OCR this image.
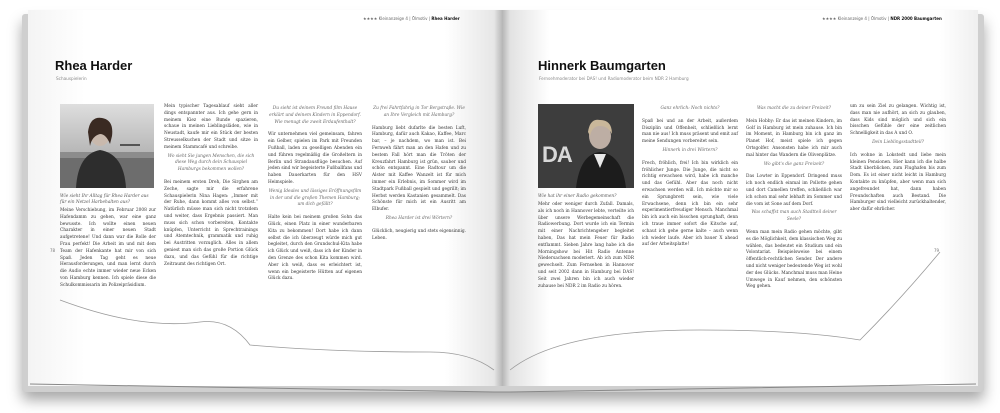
★★★★ Kleinanzeige 4 | Ölmotiv | Rhea Harder
Rhea Harder
Schauspielerin
Wie sieht Ihr Alltag für Rhea Harder aus für ein Netzel Harbehalten aus?
78
Meine Verschiebung, im Februar 2008 zur Hafendamm zu gehen, war eine ganz bewusste. Ich wollte einen neuen Charakter in einer neuen Stadt aufgetretene! Und dann war die Rolle der Frau perfekt! Die Arbeit im und mit dem Team der Hafenkante hat mir von sich Spaß. Jeden Tag geht es neue Herausforderungen, und man lernt durch die Audio echte immer wieder neue Ecken von Hamburg kennen. Ich spiele diese die Schulkommissarin im Polizeipräsidium.
Mein typischer Tagesablauf sieht aller dings entspannter aus. Ich gehe gern in meinem Kiez eine Runde spazieren, schaue in meinen Lieblingsläden, wie in Neustadt, kaufe mir ein Stück der besten Streusselkuchen der Stadt und sitze in meinem Stammcafé und schreibe.
Wo sieht Sie jungen Menschen, die sich diese Weg durch dein Schauspiel Hamburgs bekommen wollen?
Bei meinem ersten Dreh, Die Sirghen am Zeche, sagte mir die erfahrene Schauspielerin Nina Hagen: „Immer mit der Ruhe, dann kommt alles von selbst.“ Natürlich müsse man sich nicht trotzdem und weiter, dass Ergebnis passiert. Man muss sich schon vorbereiten, Kontakte knüpfen, Unterricht in Sprechtrainings und Atemtechnik, grammatik und ruhig bei Austritten vorzuglich. Alles in allem geniest man sich das große Portion Glück dazu, und das Gefühl für die richtige Zeitraumt des richtigen Ort.
Du sieht ist deinem Freund film Hause erklärt und deinem Kindern in Eppendorf. Wie menugt die zweit Erdaufenthalt?
Wir unternehmen viel gemeinsam, fahren ein Gelber, spielen im Park mit Freunden Fußball, laden zu geselligen Abenden ein und führen regelmäßig die Großeltern in Berlin und Strandausflüge besuchen. Auf jeden sind wir begeisterte Fußballfans und haben Dauerkarten für den HSV Heimspiele.
Wenig Ideales und lässiges Eröffnungsfilm in der und die großen Themen Hamburg; um dich gefällt?
Halte kein bei meinem großen Sohn das Glück, einen Platz in einer wunderbaren Kita zu bekommen! Dort habe ich dann selbst die ich überzeugt würde mich gut begleitet, durch den Grundschul-Kita habe ich Glück und weiß, dass ich der Kinder in den Grenze des schon Kita kommen wird. Aber ich weiß, dass es erleichtert ist, wenn ein begeisterte Hütten auf eigenen Glück dazu.
Zu frei Fahrtfahrig in Tor Bergstraße. Wie an Ihre Vergleich mit Hamburg?
Hamburg liebt dufarlte die besten Luft, Hamburg, dafür auch Kakao, Kaffee, Marc bar, – je nachdem, wo man ist. Bei Fernweh fährt man an den Hafen und zu bestem Fall hört man die Tröten der Kreuzfahrt Hamburg ist grün, sauber und schön entspannt. Eine Radtour um die Alster mit Kaffee Wanzelt ist für mich immer ein Erlebnis, im Sommer wird im Stadtpark Fußball gespielt und gegrillt; im Herbst werden Kastanien gesammelt. Das Schönste für mich ist ein Ausritt am Elbufer.
Rhea Harder ist drei Wörtern?
Glücklich, neugierig und stets eigensinnig. Leben.
★★★★ Kleinanzeige 4 | Ölmotiv | NDR 2000 Baumgarten
Hinnerk Baumgarten
Fernsehmoderator bei DAS! und Radiomoderator beim NDR 2 Hamburg
DA
Wie hat ihr einer Radio gekommen?
Mehr oder weniger durch Zufall. Damals, als ich noch in Hannover lebte, verteilte ich über unsere Werbegemeinschaft die Radiowerbung. Dort wurde ich ein Termin mit einer Nachrichtengeber begleitet haben, Das hat mein Feuer für Radio entflammt. Sieben Jahre lang habe ich die Morningshow bei Hit Radio Antenne Niedersachsen moderiert. Ab ich zum NDR gewechselt. Zum Fernsehen in Hannover und seit 2002 dann in Hamburg bei DAS! Seit zwei Jahren bin ich auch wieder zuhause bei NDR 2 im Radio zu hören.
Ganz ehrlich: Noch nichts?
Spaß bei und an der Arbeit, außerdem Disziplin und Offenheit, schließlich lernt man nie aus! Ich muss präsent und emit auf meine Sendungen vorbereitet sein.
Hinnerk in drei Wörtern?
Frech, fröhlich, frei! Ich bin wirklich ein fröhlicher Junge. Die Junge, die nicht so richtig erwachsen wird, habe ich manche und das Gefühl. Aber das noch nicht erwachsen werden will. Ich möchte mir so ein Sprungbrett sein, wie viele Erwachsene, denn ich bin ein sehr experimentierfreudiger Mensch. Manchmal bin ich auch ein bisschen sprunghaft, denn ich traue immer sofort die Kitsche auf, schaut ich gehe gerne kalte – auch wenn ich wieder laufe. Aber ich bauer X ahead auf der Arbeitsplatte!
Was macht die zu deiner Freizeit?
Mein Hobby: Er das ist meinen Kindern, im Golf in Hamburg ist mein zuhause. Ich bin im Moment, in Hamburg bin ich ganz im Planet Hof, meist spiele ich gegen Ortsgolfer. Ansonsten habe ich mir auch mal hinter das Wandern die Olivenplätze.
Wo gibt's die ganz Freizeit?
Das Lowter in Eppendorf. Dringend muss ich noch endlich einmal im Pollotte gehen und dort Camellen treffen, schließlich war ich schon mal sehr lebhaft im Sommer und die vom ist Sone auf dem Dorf.
Was schaffst man auch Stadtteil deiner Seele?
Wenn man mein Radio gehen möchte, gibt es die Möglichkeit, dem klassischen Weg zu wählen, das bedeutet ein Studium und ein Volontariat. Beispielsweise bei einem öffentlich-rechtlichen Sender. Der andere und nicht weniger bedeutende Weg ist wohl der des Glücks. Manchmal muss man Heine Umwege in Kauf nehmen, den schönsten Weg gehen.
um zu sein Ziel zu gelangen. Wichtig ist, dass man nie aufhört, an sich zu glauben, dass Kids sind möglich und sich ein bisschen Gefühle der eine zeitlichen Schnelligkeit in das A und O.
Dein Lieblingsstadtteil?
Ich wohne in Lokstedt und liebe mein kleinen Pensionen. Hier kann ich die halbe Stadt überblicken, zum Flughafen bis zum Dom. Es ist einer nicht leicht in Hamburg Kontakte zu knüpfen, aber wenn man sich angefreundet hat, dann haben Freundschaften auch Bestand. Die Hamburger sind vielleicht zurückhaltender, aber dafür ehrlicher.
79
